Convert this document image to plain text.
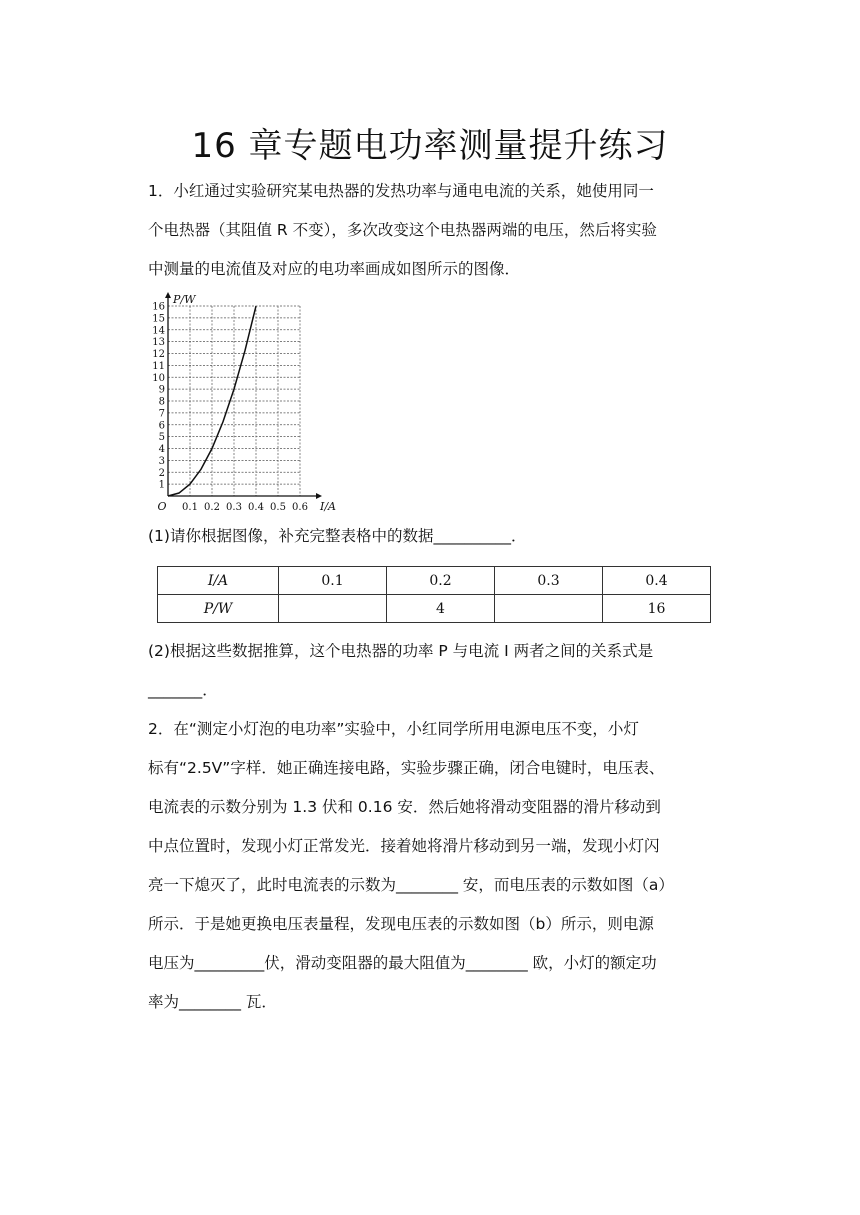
16 章专题电功率测量提升练习
1．小红通过实验研究某电热器的发热功率与通电电流的关系，她使用同一
个电热器（其阻值 R 不变），多次改变这个电热器两端的电压，然后将实验
中测量的电流值及对应的电功率画成如图所示的图像．
0.1 0.2 0.3 0.4 0.5 0.6
1
2
3
4
5
6
7
8
9
10
11
12
13
14
15
16
O	I/A
P/W
(1)请你根据图像，补充完整表格中的数据__________．
I/A	0.1	0.2	0.3	0.4
P/W		4		16
(2)根据这些数据推算，这个电热器的功率 P 与电流 I 两者之间的关系式是
_______．
2．在“测定小灯泡的电功率”实验中，小红同学所用电源电压不变，小灯
标有“2.5V”字样．她正确连接电路，实验步骤正确，闭合电键时，电压表、
电流表的示数分别为 1.3 伏和 0.16 安．然后她将滑动变阻器的滑片移动到
中点位置时，发现小灯正常发光．接着她将滑片移动到另一端，发现小灯闪
亮一下熄灭了，此时电流表的示数为________ 安，而电压表的示数如图（a）
所示．于是她更换电压表量程，发现电压表的示数如图（b）所示，则电源
电压为_________伏，滑动变阻器的最大阻值为________ 欧，小灯的额定功
率为________ 瓦．
